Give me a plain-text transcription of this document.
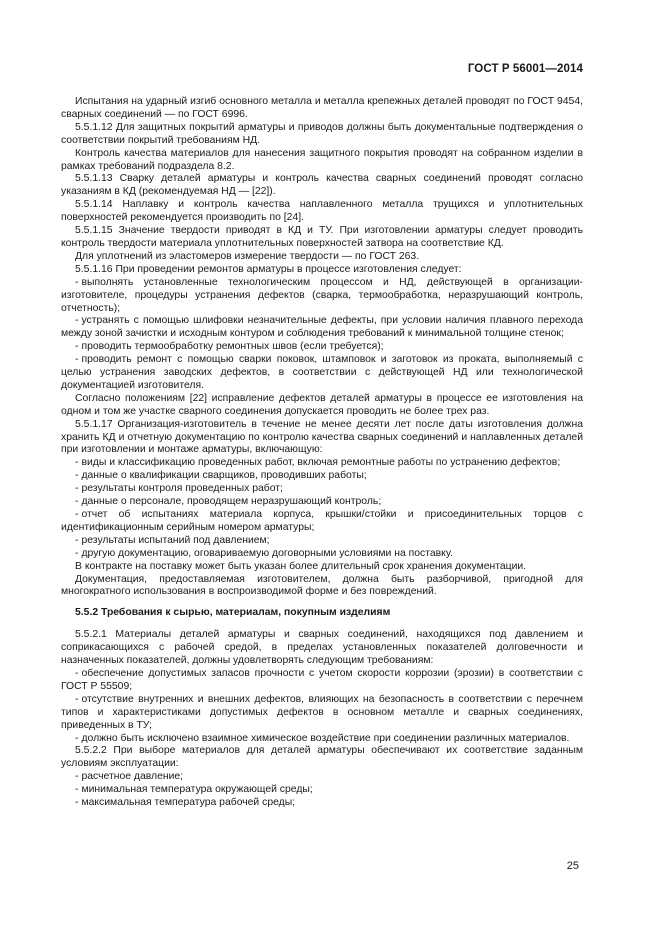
ГОСТ Р 56001—2014
Испытания на ударный изгиб основного металла и металла крепежных деталей проводят по ГОСТ 9454, сварных соединений — по ГОСТ 6996.
5.5.1.12 Для защитных покрытий арматуры и приводов должны быть документальные подтверждения о соответствии покрытий требованиям НД.
Контроль качества материалов для нанесения защитного покрытия проводят на собранном изделии в рамках требований подраздела 8.2.
5.5.1.13 Сварку деталей арматуры и контроль качества сварных соединений проводят согласно указаниям в КД (рекомендуемая НД — [22]).
5.5.1.14 Наплавку и контроль качества наплавленного металла трущихся и уплотнительных поверхностей рекомендуется производить по [24].
5.5.1.15 Значение твердости приводят в КД и ТУ. При изготовлении арматуры следует проводить контроль твердости материала уплотнительных поверхностей затвора на соответствие КД.
Для уплотнений из эластомеров измерение твердости — по ГОСТ 263.
5.5.1.16 При проведении ремонтов арматуры в процессе изготовления следует:
- выполнять установленные технологическим процессом и НД, действующей в организации-изготовителе, процедуры устранения дефектов (сварка, термообработка, неразрушающий контроль, отчетность);
- устранять с помощью шлифовки незначительные дефекты, при условии наличия плавного перехода между зоной зачистки и исходным контуром и соблюдения требований к минимальной толщине стенок;
- проводить термообработку ремонтных швов (если требуется);
- проводить ремонт с помощью сварки поковок, штамповок и заготовок из проката, выполняемый с целью устранения заводских дефектов, в соответствии с действующей НД или технологической документацией изготовителя.
Согласно положениям [22] исправление дефектов деталей арматуры в процессе ее изготовления на одном и том же участке сварного соединения допускается проводить не более трех раз.
5.5.1.17 Организация-изготовитель в течение не менее десяти лет после даты изготовления должна хранить КД и отчетную документацию по контролю качества сварных соединений и наплавленных деталей при изготовлении и монтаже арматуры, включающую:
- виды и классификацию проведенных работ, включая ремонтные работы по устранению дефектов;
- данные о квалификации сварщиков, проводивших работы;
- результаты контроля проведенных работ;
- данные о персонале, проводящем неразрушающий контроль;
- отчет об испытаниях материала корпуса, крышки/стойки и присоединительных торцов с идентификационным серийным номером арматуры;
- результаты испытаний под давлением;
- другую документацию, оговариваемую договорными условиями на поставку.
В контракте на поставку может быть указан более длительный срок хранения документации.
Документация, предоставляемая изготовителем, должна быть разборчивой, пригодной для многократного использования в воспроизводимой форме и без повреждений.
5.5.2 Требования к сырью, материалам, покупным изделиям
5.5.2.1 Материалы деталей арматуры и сварных соединений, находящихся под давлением и соприкасающихся с рабочей средой, в пределах установленных показателей долговечности и назначенных показателей, должны удовлетворять следующим требованиям:
- обеспечение допустимых запасов прочности с учетом скорости коррозии (эрозии) в соответствии с ГОСТ Р 55509;
- отсутствие внутренних и внешних дефектов, влияющих на безопасность в соответствии с перечнем типов и характеристиками допустимых дефектов в основном металле и сварных соединениях, приведенных в ТУ;
- должно быть исключено взаимное химическое воздействие при соединении различных материалов.
5.5.2.2 При выборе материалов для деталей арматуры обеспечивают их соответствие заданным условиям эксплуатации:
- расчетное давление;
- минимальная температура окружающей среды;
- максимальная температура рабочей среды;
25
